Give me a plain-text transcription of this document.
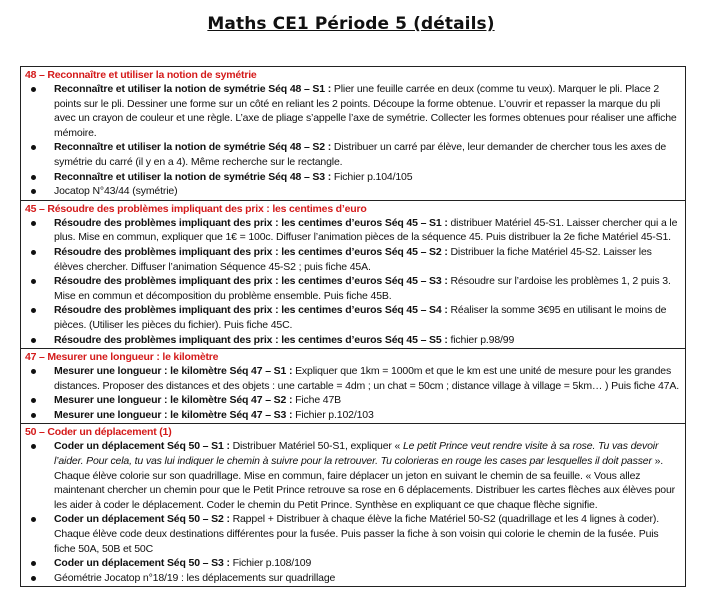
Maths CE1 Période 5 (détails)
48 – Reconnaître et utiliser la notion de symétrie
Reconnaître et utiliser la notion de symétrie Séq 48 – S1 : Plier une feuille carrée en deux (comme tu veux). Marquer le pli. Place 2 points sur le pli. Dessiner une forme sur un côté en reliant les 2 points. Découpe la forme obtenue. L’ouvrir et repasser la marque du pli avec un crayon de couleur et une règle. L’axe de pliage s’appelle l’axe de symétrie. Collecter les formes obtenues pour réaliser une affiche mémoire.
Reconnaître et utiliser la notion de symétrie Séq 48 – S2 : Distribuer un carré par élève, leur demander de chercher tous les axes de symétrie du carré (il y en a 4). Même recherche sur le rectangle.
Reconnaître et utiliser la notion de symétrie Séq 48 – S3 : Fichier p.104/105
Jocatop N°43/44 (symétrie)
45 – Résoudre des problèmes impliquant des prix : les centimes d’euro
Résoudre des problèmes impliquant des prix : les centimes d’euros Séq 45 – S1 : distribuer Matériel 45-S1. Laisser chercher qui a le plus. Mise en commun, expliquer que 1€ = 100c. Diffuser l’animation pièces de la séquence 45. Puis distribuer la 2e fiche Matériel 45-S1.
Résoudre des problèmes impliquant des prix : les centimes d’euros Séq 45 – S2 : Distribuer la fiche Matériel 45-S2. Laisser les élèves chercher. Diffuser l’animation Séquence 45-S2 ; puis fiche 45A.
Résoudre des problèmes impliquant des prix : les centimes d’euros Séq 45 – S3 : Résoudre sur l’ardoise les problèmes 1, 2 puis 3. Mise en commun et décomposition du problème ensemble. Puis fiche 45B.
Résoudre des problèmes impliquant des prix : les centimes d’euros Séq 45 – S4 : Réaliser la somme 3€95 en utilisant le moins de pièces. (Utiliser les pièces du fichier). Puis fiche 45C.
Résoudre des problèmes impliquant des prix : les centimes d’euros Séq 45 – S5 : fichier p.98/99
47 – Mesurer une longueur : le kilomètre
Mesurer une longueur : le kilomètre Séq 47 – S1 : Expliquer que 1km = 1000m et que le km est une unité de mesure pour les grandes distances. Proposer des distances et des objets : une cartable = 4dm ; un chat = 50cm ; distance village à village = 5km… ) Puis fiche 47A.
Mesurer une longueur : le kilomètre Séq 47 – S2 : Fiche 47B
Mesurer une longueur : le kilomètre Séq 47 – S3 : Fichier p.102/103
50 – Coder un déplacement (1)
Coder un déplacement Séq 50 – S1 : Distribuer Matériel 50-S1, expliquer « Le petit Prince veut rendre visite à sa rose. Tu vas devoir l’aider. Pour cela, tu vas lui indiquer le chemin à suivre pour la retrouver. Tu colorieras en rouge les cases par lesquelles il doit passer ». Chaque élève colorie sur son quadrillage. Mise en commun, faire déplacer un jeton en suivant le chemin de sa feuille. « Vous allez maintenant chercher un chemin pour que le Petit Prince retrouve sa rose en 6 déplacements. Distribuer les cartes flèches aux élèves pour les aider à coder le déplacement. Coder le chemin du Petit Prince. Synthèse en expliquant ce que chaque flèche signifie.
Coder un déplacement Séq 50 – S2 : Rappel + Distribuer à chaque élève la fiche Matériel 50-S2 (quadrillage et les 4 lignes à coder). Chaque élève code deux destinations différentes pour la fusée. Puis passer la fiche à son voisin qui colorie le chemin de la fusée. Puis fiche 50A, 50B et 50C
Coder un déplacement Séq 50 – S3 : Fichier p.108/109
Géométrie Jocatop n°18/19 : les déplacements sur quadrillage
